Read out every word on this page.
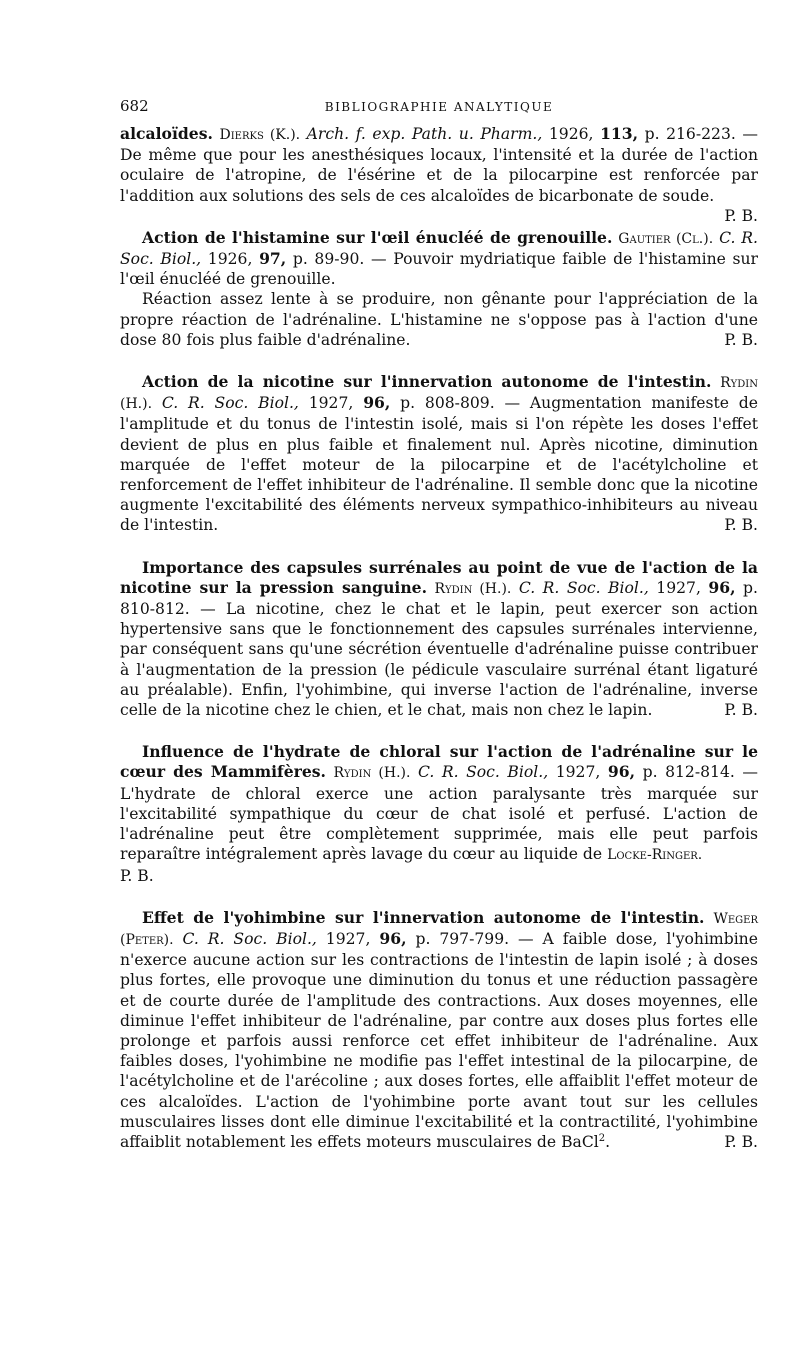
682	BIBLIOGRAPHIE ANALYTIQUE

alcaloïdes. Dierks (K.). Arch. f. exp. Path. u. Pharm., 1926, 113, p. 216-223. — De même que pour les anesthésiques locaux, l'intensité et la durée de l'action oculaire de l'atropine, de l'ésérine et de la pilocarpine est renforcée par l'addition aux solutions des sels de ces alcaloïdes de bicarbonate de soude.
P. B.

Action de l'histamine sur l'œil énucléé de grenouille. Gautier (Cl.). C. R. Soc. Biol., 1926, 97, p. 89-90. — Pouvoir mydriatique faible de l'histamine sur l'œil énucléé de grenouille.

Réaction assez lente à se produire, non gênante pour l'appréciation de la propre réaction de l'adrénaline. L'histamine ne s'oppose pas à l'action d'une dose 80 fois plus faible d'adrénaline.	P. B.

Action de la nicotine sur l'innervation autonome de l'intestin. Rydin (H.). C. R. Soc. Biol., 1927, 96, p. 808-809. — Augmentation manifeste de l'amplitude et du tonus de l'intestin isolé, mais si l'on répète les doses l'effet devient de plus en plus faible et finalement nul. Après nicotine, diminution marquée de l'effet moteur de la pilocarpine et de l'acétylcholine et renforcement de l'effet inhibiteur de l'adrénaline. Il semble donc que la nicotine augmente l'excitabilité des éléments nerveux sympathico-inhibiteurs au niveau de l'intestin.	P. B.

Importance des capsules surrénales au point de vue de l'action de la nicotine sur la pression sanguine. Rydin (H.). C. R. Soc. Biol., 1927, 96, p. 810-812. — La nicotine, chez le chat et le lapin, peut exercer son action hypertensive sans que le fonctionnement des capsules surrénales intervienne, par conséquent sans qu'une sécrétion éventuelle d'adrénaline puisse contribuer à l'augmentation de la pression (le pédicule vasculaire surrénal étant ligaturé au préalable). Enfin, l'yohimbine, qui inverse l'action de l'adrénaline, inverse celle de la nicotine chez le chien, et le chat, mais non chez le lapin.	P. B.

Influence de l'hydrate de chloral sur l'action de l'adrénaline sur le cœur des Mammifères. Rydin (H.). C. R. Soc. Biol., 1927, 96, p. 812-814. — L'hydrate de chloral exerce une action paralysante très marquée sur l'excitabilité sympathique du cœur de chat isolé et perfusé. L'action de l'adrénaline peut être complètement supprimée, mais elle peut parfois reparaître intégralement après lavage du cœur au liquide de Locke-Ringer.

P. B.

Effet de l'yohimbine sur l'innervation autonome de l'intestin. Weger (Peter). C. R. Soc. Biol., 1927, 96, p. 797-799. — A faible dose, l'yohimbine n'exerce aucune action sur les contractions de l'intestin de lapin isolé ; à doses plus fortes, elle provoque une diminution du tonus et une réduction passagère et de courte durée de l'amplitude des contractions. Aux doses moyennes, elle diminue l'effet inhibiteur de l'adrénaline, par contre aux doses plus fortes elle prolonge et parfois aussi renforce cet effet inhibiteur de l'adrénaline. Aux faibles doses, l'yohimbine ne modifie pas l'effet intestinal de la pilocarpine, de l'acétylcholine et de l'arécoline ; aux doses fortes, elle affaiblit l'effet moteur de ces alcaloïdes. L'action de l'yohimbine porte avant tout sur les cellules musculaires lisses dont elle diminue l'excitabilité et la contractilité, l'yohimbine affaiblit notablement les effets moteurs musculaires de BaCl$^2$.	P. B.
